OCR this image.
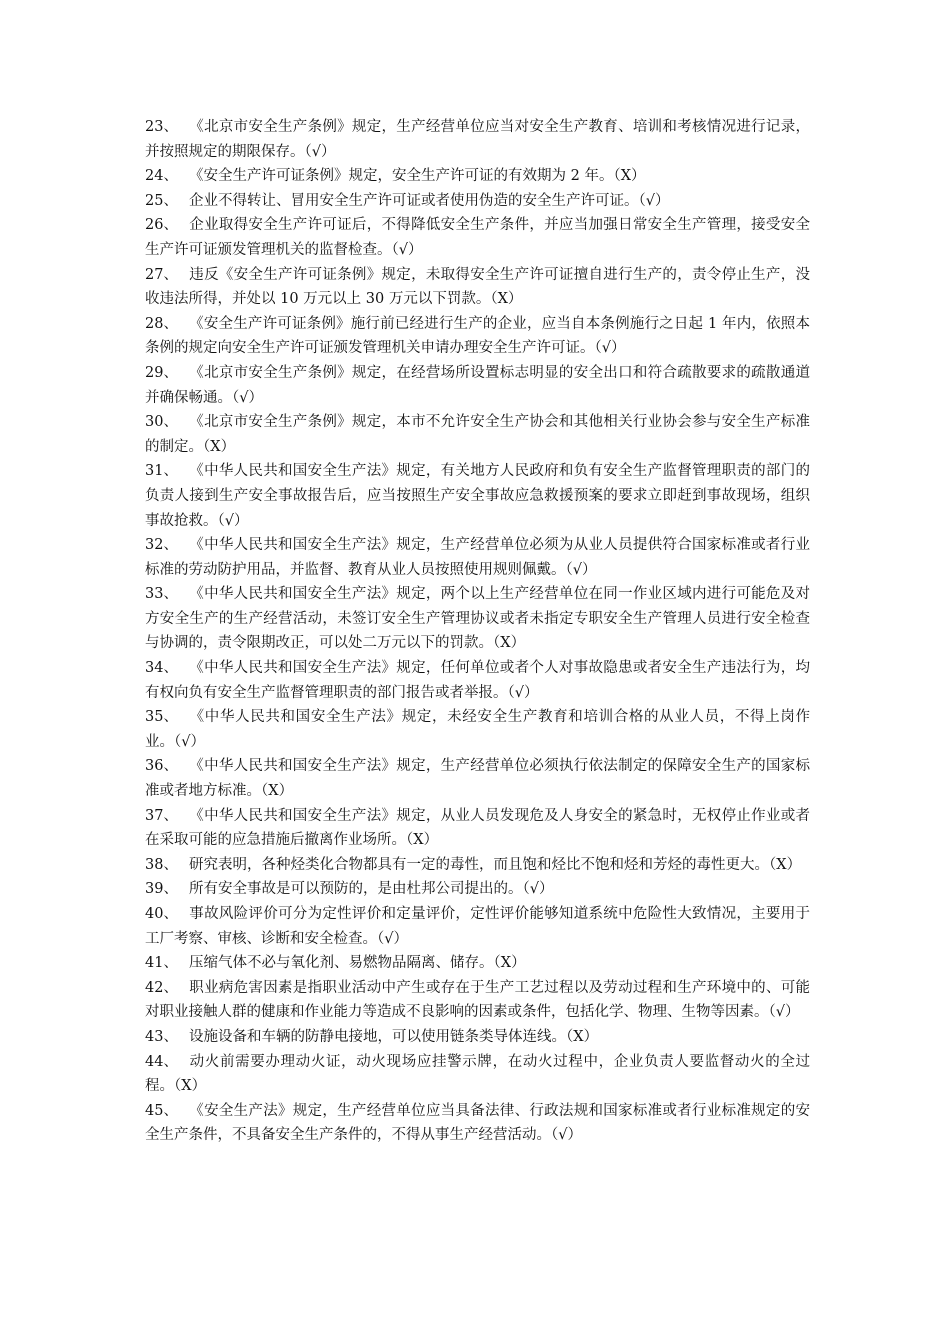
23、 《北京市安全生产条例》规定，生产经营单位应当对安全生产教育、培训和考核情况进行记录，并按照规定的期限保存。（√）

24、 《安全生产许可证条例》规定，安全生产许可证的有效期为 2 年。（X）

25、 企业不得转让、冒用安全生产许可证或者使用伪造的安全生产许可证。（√）

26、 企业取得安全生产许可证后，不得降低安全生产条件，并应当加强日常安全生产管理，接受安全生产许可证颁发管理机关的监督检查。（√）

27、 违反《安全生产许可证条例》规定，未取得安全生产许可证擅自进行生产的，责令停止生产，没收违法所得，并处以 10 万元以上 30 万元以下罚款。（X）

28、 《安全生产许可证条例》施行前已经进行生产的企业，应当自本条例施行之日起 1 年内，依照本条例的规定向安全生产许可证颁发管理机关申请办理安全生产许可证。（√）

29、 《北京市安全生产条例》规定，在经营场所设置标志明显的安全出口和符合疏散要求的疏散通道并确保畅通。（√）

30、 《北京市安全生产条例》规定，本市不允许安全生产协会和其他相关行业协会参与安全生产标准的制定。（X）

31、 《中华人民共和国安全生产法》规定，有关地方人民政府和负有安全生产监督管理职责的部门的负责人接到生产安全事故报告后，应当按照生产安全事故应急救援预案的要求立即赶到事故现场，组织事故抢救。（√）

32、 《中华人民共和国安全生产法》规定，生产经营单位必须为从业人员提供符合国家标准或者行业标准的劳动防护用品，并监督、教育从业人员按照使用规则佩戴。（√）

33、 《中华人民共和国安全生产法》规定，两个以上生产经营单位在同一作业区域内进行可能危及对方安全生产的生产经营活动，未签订安全生产管理协议或者未指定专职安全生产管理人员进行安全检查与协调的，责令限期改正，可以处二万元以下的罚款。（X）

34、 《中华人民共和国安全生产法》规定，任何单位或者个人对事故隐患或者安全生产违法行为，均有权向负有安全生产监督管理职责的部门报告或者举报。（√）

35、 《中华人民共和国安全生产法》规定，未经安全生产教育和培训合格的从业人员，不得上岗作业。（√）

36、 《中华人民共和国安全生产法》规定，生产经营单位必须执行依法制定的保障安全生产的国家标准或者地方标准。（X）

37、 《中华人民共和国安全生产法》规定，从业人员发现危及人身安全的紧急时，无权停止作业或者在采取可能的应急措施后撤离作业场所。（X）

38、 研究表明，各种烃类化合物都具有一定的毒性，而且饱和烃比不饱和烃和芳烃的毒性更大。（X）

39、 所有安全事故是可以预防的，是由杜邦公司提出的。（√）

40、 事故风险评价可分为定性评价和定量评价，定性评价能够知道系统中危险性大致情况，主要用于工厂考察、审核、诊断和安全检查。（√）

41、 压缩气体不必与氧化剂、易燃物品隔离、储存。（X）

42、 职业病危害因素是指职业活动中产生或存在于生产工艺过程以及劳动过程和生产环境中的、可能对职业接触人群的健康和作业能力等造成不良影响的因素或条件，包括化学、物理、生物等因素。（√）

43、 设施设备和车辆的防静电接地，可以使用链条类导体连线。（X）

44、 动火前需要办理动火证，动火现场应挂警示牌，在动火过程中，企业负责人要监督动火的全过程。（X）

45、 《安全生产法》规定，生产经营单位应当具备法律、行政法规和国家标准或者行业标准规定的安全生产条件，不具备安全生产条件的，不得从事生产经营活动。（√）
